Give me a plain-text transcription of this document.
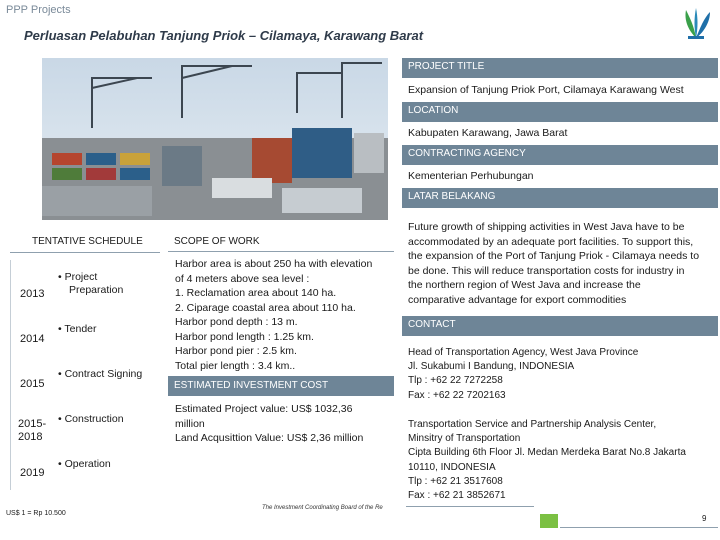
PPP Projects
Perluasan Pelabuhan Tanjung Priok – Cilamaya, Karawang Barat
PROJECT TITLE
Expansion of Tanjung Priok Port, Cilamaya Karawang West
LOCATION
Kabupaten Karawang, Jawa Barat
CONTRACTING AGENCY
Kementerian Perhubungan
LATAR BELAKANG
Future growth of shipping activities in West Java have to be
accommodated by an adequate port facilities. To support this,
the expansion of the Port of Tanjung Priok - Cilamaya needs to
be done. This will reduce transportation costs for industry in
the northern region of West Java and increase the
comparative advantage for export commodities
CONTACT
Head of Transportation Agency, West Java Province
Jl. Sukabumi I Bandung, INDONESIA
Tlp : +62 22 7272258
Fax : +62 22 7202163
Transportation Service and Partnership Analysis Center,
Minsitry of Transportation
Cipta Building 6th Floor Jl. Medan Merdeka Barat No.8 Jakarta
10110, INDONESIA
Tlp : +62 21 3517608
Fax : +62 21 3852671
TENTATIVE SCHEDULE
2013
• Project
Preparation
2014
• Tender
2015
• Contract Signing
2015-
2018
• Construction
2019
• Operation
SCOPE OF WORK
Harbor area is about 250 ha with elevation
of 4 meters above sea level :
1. Reclamation area about 140 ha.
2. Ciparage coastal area about 110 ha.
Harbor pond depth : 13 m.
Harbor pond length : 1.25 km.
Harbor pond pier : 2.5 km.
Total pier length : 3.4 km..
ESTIMATED INVESTMENT COST
Estimated Project value: US$ 1032,36
million
Land Acqusittion Value: US$ 2,36 million
US$ 1 = Rp 10.500
The Investment Coordinating Board of the Re
9
